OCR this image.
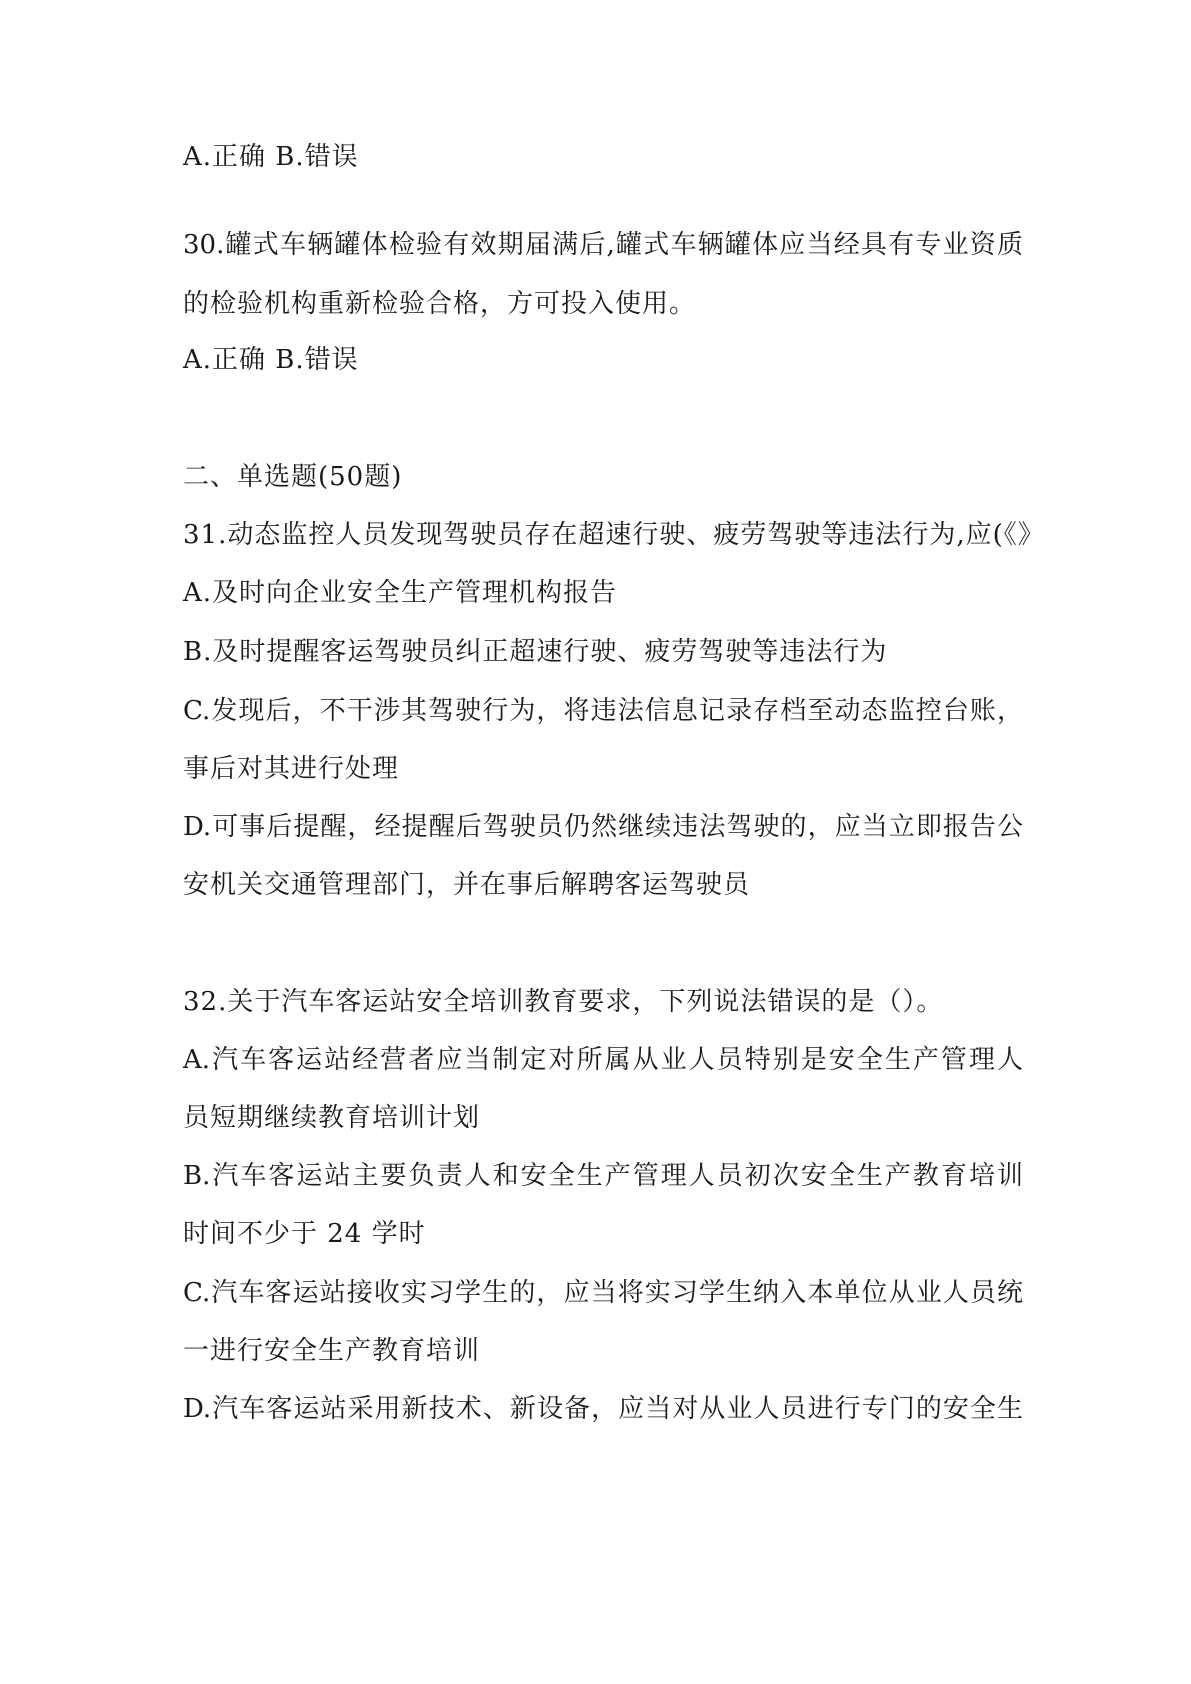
A.正确 B.错误

30.罐式车辆罐体检验有效期届满后,罐式车辆罐体应当经具有专业资质

的检验机构重新检验合格，方可投入使用。

A.正确 B.错误

二、单选题(50题)

31.动态监控人员发现驾驶员存在超速行驶、疲劳驾驶等违法行为,应(《》

A.及时向企业安全生产管理机构报告

B.及时提醒客运驾驶员纠正超速行驶、疲劳驾驶等违法行为

C.发现后，不干涉其驾驶行为，将违法信息记录存档至动态监控台账，

事后对其进行处理

D.可事后提醒，经提醒后驾驶员仍然继续违法驾驶的，应当立即报告公

安机关交通管理部门，并在事后解聘客运驾驶员

32.关于汽车客运站安全培训教育要求，下列说法错误的是（）。

A.汽车客运站经营者应当制定对所属从业人员特别是安全生产管理人

员短期继续教育培训计划

B.汽车客运站主要负责人和安全生产管理人员初次安全生产教育培训

时间不少于 24 学时

C.汽车客运站接收实习学生的，应当将实习学生纳入本单位从业人员统

一进行安全生产教育培训

D.汽车客运站采用新技术、新设备，应当对从业人员进行专门的安全生
